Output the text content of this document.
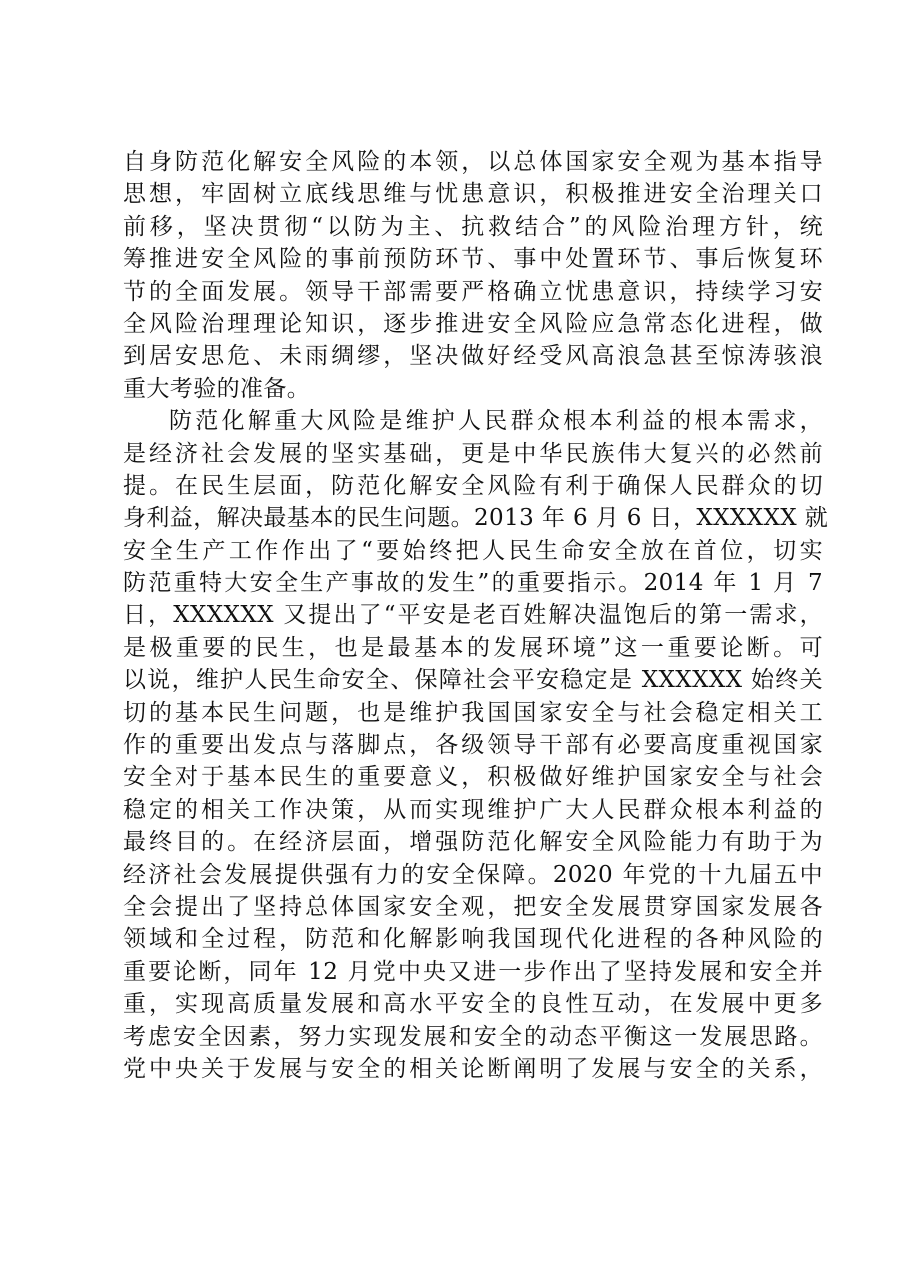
自身防范化解安全风险的本领，以总体国家安全观为基本指导
思想，牢固树立底线思维与忧患意识，积极推进安全治理关口
前移，坚决贯彻“以防为主、抗救结合”的风险治理方针，统
筹推进安全风险的事前预防环节、事中处置环节、事后恢复环
节的全面发展。领导干部需要严格确立忧患意识，持续学习安
全风险治理理论知识，逐步推进安全风险应急常态化进程，做
到居安思危、未雨绸缪，坚决做好经受风高浪急甚至惊涛骇浪
重大考验的准备。
防范化解重大风险是维护人民群众根本利益的根本需求，
是经济社会发展的坚实基础，更是中华民族伟大复兴的必然前
提。在民生层面，防范化解安全风险有利于确保人民群众的切
身利益，解决最基本的民生问题。2013 年 6 月 6 日，XXXXXX 就
安全生产工作作出了“要始终把人民生命安全放在首位，切实
防范重特大安全生产事故的发生”的重要指示。2014 年 1 月 7
日，XXXXXX 又提出了“平安是老百姓解决温饱后的第一需求，
是极重要的民生，也是最基本的发展环境”这一重要论断。可
以说，维护人民生命安全、保障社会平安稳定是 XXXXXX 始终关
切的基本民生问题，也是维护我国国家安全与社会稳定相关工
作的重要出发点与落脚点，各级领导干部有必要高度重视国家
安全对于基本民生的重要意义，积极做好维护国家安全与社会
稳定的相关工作决策，从而实现维护广大人民群众根本利益的
最终目的。在经济层面，增强防范化解安全风险能力有助于为
经济社会发展提供强有力的安全保障。2020 年党的十九届五中
全会提出了坚持总体国家安全观，把安全发展贯穿国家发展各
领域和全过程，防范和化解影响我国现代化进程的各种风险的
重要论断，同年 12 月党中央又进一步作出了坚持发展和安全并
重，实现高质量发展和高水平安全的良性互动，在发展中更多
考虑安全因素，努力实现发展和安全的动态平衡这一发展思路。
党中央关于发展与安全的相关论断阐明了发展与安全的关系，
